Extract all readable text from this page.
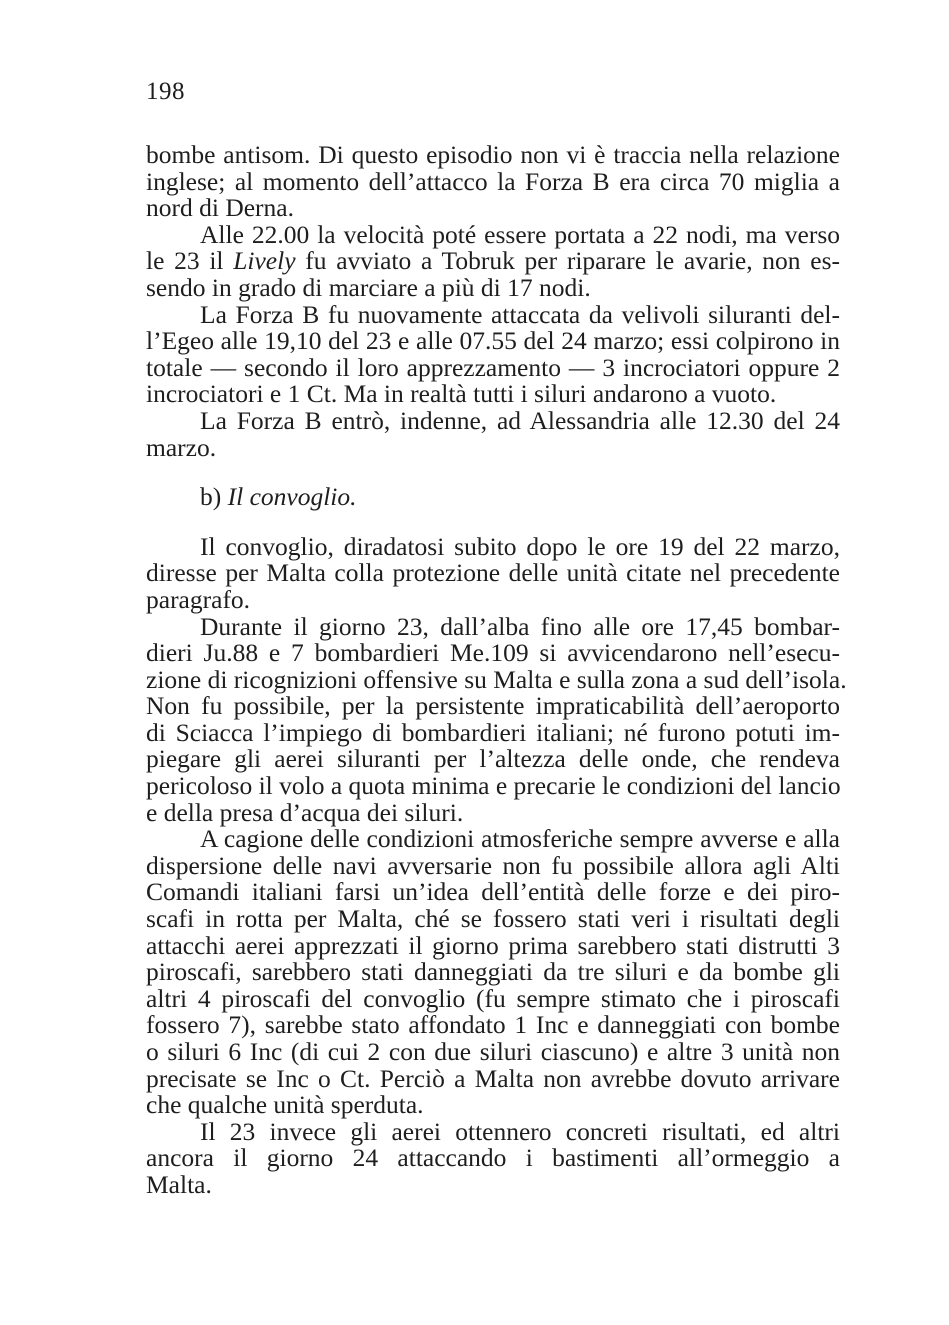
198
bombe antisom. Di questo episodio non vi è traccia nella relazione
inglese; al momento dell’attacco la Forza B era circa 70 miglia a
nord di Derna.
Alle 22.00 la velocità poté essere portata a 22 nodi, ma verso
le 23 il Lively fu avviato a Tobruk per riparare le avarie, non es-
sendo in grado di marciare a più di 17 nodi.
La Forza B fu nuovamente attaccata da velivoli siluranti del-
l’Egeo alle 19,10 del 23 e alle 07.55 del 24 marzo; essi colpirono in
totale — secondo il loro apprezzamento — 3 incrociatori oppure 2
incrociatori e 1 Ct. Ma in realtà tutti i siluri andarono a vuoto.
La Forza B entrò, indenne, ad Alessandria alle 12.30 del 24
marzo.
b) Il convoglio.
Il convoglio, diradatosi subito dopo le ore 19 del 22 marzo,
diresse per Malta colla protezione delle unità citate nel precedente
paragrafo.
Durante il giorno 23, dall’alba fino alle ore 17,45 bombar-
dieri Ju.88 e 7 bombardieri Me.109 si avvicendarono nell’esecu-
zione di ricognizioni offensive su Malta e sulla zona a sud dell’isola.
Non fu possibile, per la persistente impraticabilità dell’aeroporto
di Sciacca l’impiego di bombardieri italiani; né furono potuti im-
piegare gli aerei siluranti per l’altezza delle onde, che rendeva
pericoloso il volo a quota minima e precarie le condizioni del lancio
e della presa d’acqua dei siluri.
A cagione delle condizioni atmosferiche sempre avverse e alla
dispersione delle navi avversarie non fu possibile allora agli Alti
Comandi italiani farsi un’idea dell’entità delle forze e dei piro-
scafi in rotta per Malta, ché se fossero stati veri i risultati degli
attacchi aerei apprezzati il giorno prima sarebbero stati distrutti 3
piroscafi, sarebbero stati danneggiati da tre siluri e da bombe gli
altri 4 piroscafi del convoglio (fu sempre stimato che i piroscafi
fossero 7), sarebbe stato affondato 1 Inc e danneggiati con bombe
o siluri 6 Inc (di cui 2 con due siluri ciascuno) e altre 3 unità non
precisate se Inc o Ct. Perciò a Malta non avrebbe dovuto arrivare
che qualche unità sperduta.
Il 23 invece gli aerei ottennero concreti risultati, ed altri
ancora il giorno 24 attaccando i bastimenti all’ormeggio a
Malta.
